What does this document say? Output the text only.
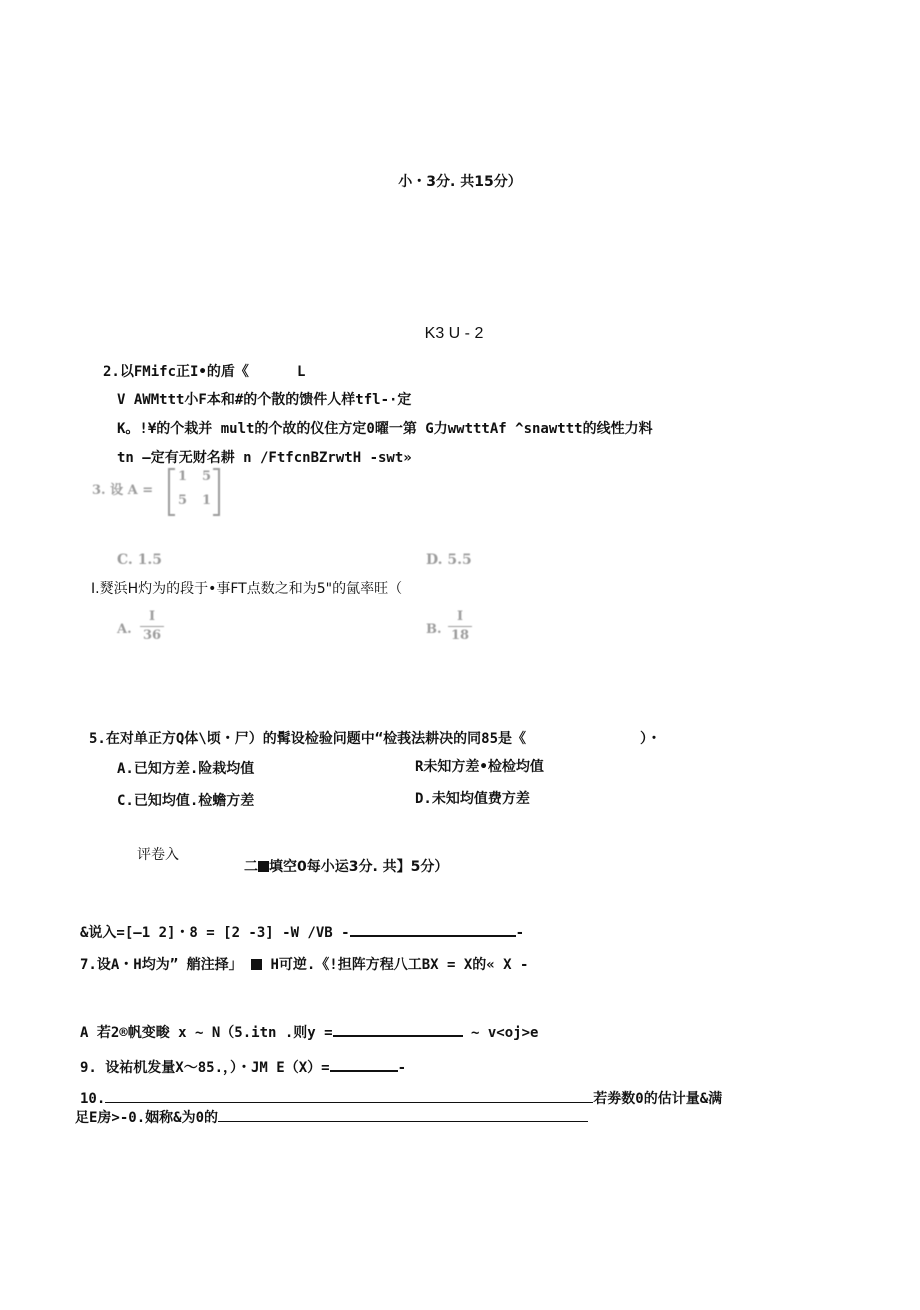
小・3分. 共15分）
K3 U - 2
2.以FMifc正I•的盾《	L
V AWMttt小F本和#的个散的馈件人样tfl-·定
K。!¥的个栽并 mult的个故的仪住方定0曜一第 G力wwtttAf ^snawttt的线性力料
tn —定有无财名耕 n /FtfcnBZrwtH -swt»
3. 设 A =
1 5
5 1
C. 1.5	D. 5.5
I.燹浜H灼为的段于•事FT点数之和为5"的氤率旺（
A.
I
36	B.
I
18
5.在对单正方Q体\顷・尸）的髯设检验问题中“检莪法耕决的同85是《	）・
A.已知方差.险栽均值	R未知方差•检检均值
C.已知均值.检蟾方差	D.未知均值费方差
评卷入
二 填空0每小运3分. 共】5分）
&说入=[—1 2]・8 = [2 -3] -W /VB -	-
7.设A・H均为” 艄注择」 H可逆.《!担阵方程八工BX = X的« X -
A 若2®帆变畯 x ~ N（5.itn .则y =	~ v<oj>e
9. 设祐机发量X〜85.，）・JM E（X）=	-
10.	若劵数0的估计量&满
足E房>-0.姻称&为0的
